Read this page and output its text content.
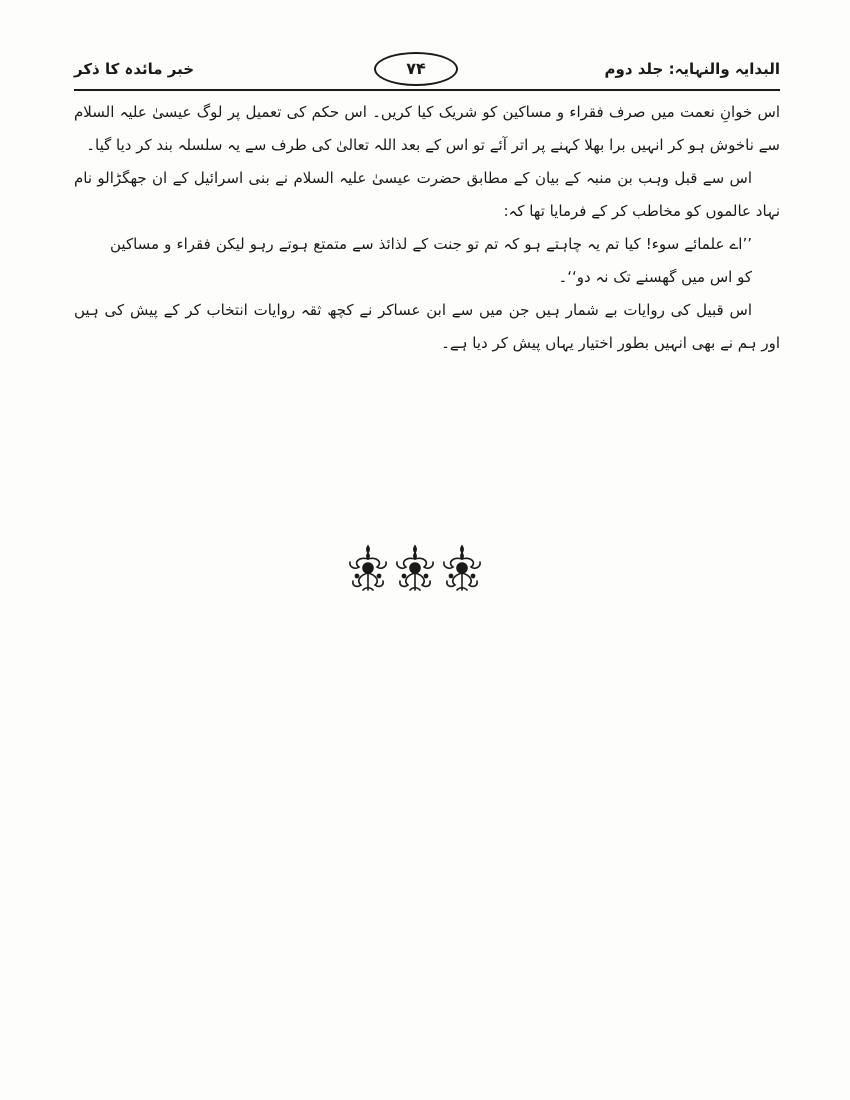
البدایہ والنہایہ: جلد دوم
۷۴
خبر مائدہ کا ذکر

اس خوانِ نعمت میں صرف فقراء و مساکین کو شریک کیا کریں۔ اس حکم کی تعمیل پر لوگ عیسیٰ علیہ السلام سے ناخوش ہو کر انہیں برا بھلا کہنے پر اتر آئے تو اس کے بعد اللہ تعالیٰ کی طرف سے یہ سلسلہ بند کر دیا گیا۔

اس سے قبل وہب بن منبہ کے بیان کے مطابق حضرت عیسیٰ علیہ السلام نے بنی اسرائیل کے ان جھگڑالو نام نہاد عالموں کو مخاطب کر کے فرمایا تھا کہ:

’’اے علمائے سوء! کیا تم یہ چاہتے ہو کہ تم تو جنت کے لذائذ سے متمتع ہوتے رہو لیکن فقراء و مساکین کو اس میں گھسنے تک نہ دو‘‘۔

اس قبیل کی روایات بے شمار ہیں جن میں سے ابن عساکر نے کچھ ثقہ روایات انتخاب کر کے پیش کی ہیں اور ہم نے بھی انہیں بطور اختیار یہاں پیش کر دیا ہے۔
